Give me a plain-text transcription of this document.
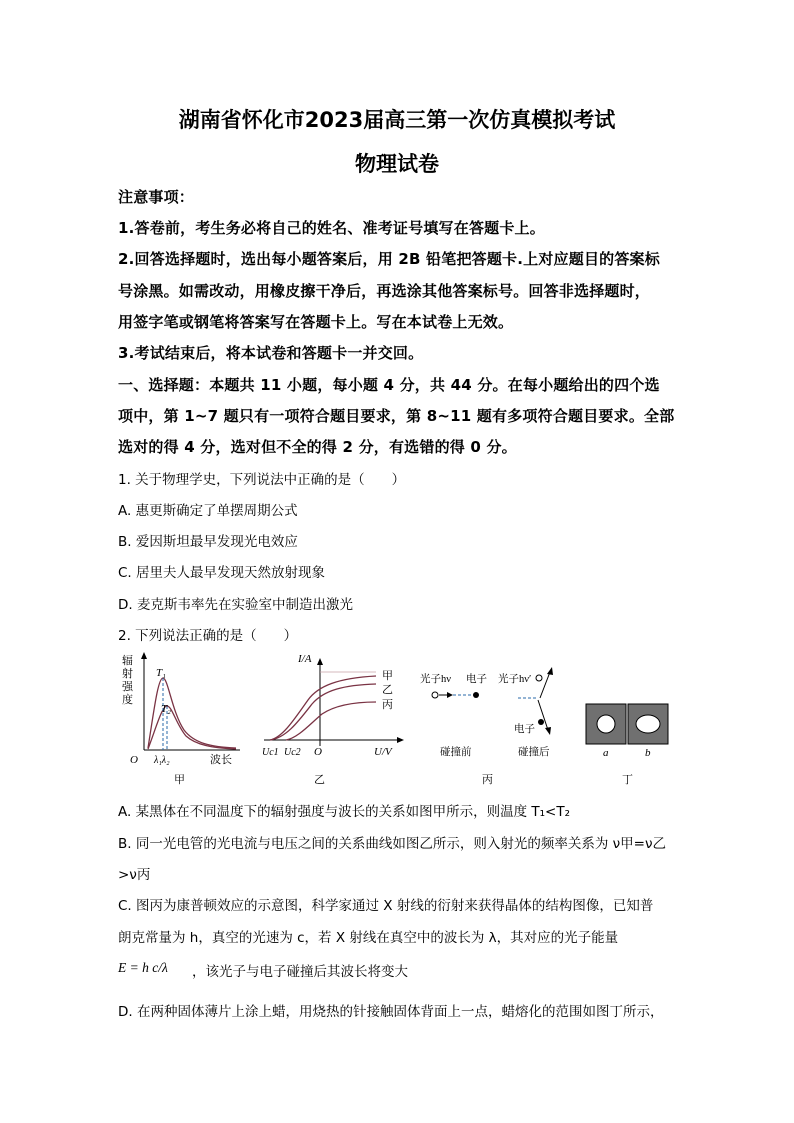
湖南省怀化市2023届高三第一次仿真模拟考试
物理试卷
注意事项：
1.答卷前，考生务必将自己的姓名、准考证号填写在答题卡上。
2.回答选择题时，选出每小题答案后，用 2B 铅笔把答题卡.上对应题目的答案标
号涂黑。如需改动，用橡皮擦干净后，再选涂其他答案标号。回答非选择题时，
用签字笔或钢笔将答案写在答题卡上。写在本试卷上无效。
3.考试结束后，将本试卷和答题卡一并交回。
一、选择题：本题共 11 小题，每小题 4 分，共 44 分。在每小题给出的四个选
项中，第 1~7 题只有一项符合题目要求，第 8~11 题有多项符合题目要求。全部
选对的得 4 分，选对但不全的得 2 分，有选错的得 0 分。
1. 关于物理学史，下列说法中正确的是（　　）
A. 惠更斯确定了单摆周期公式
B. 爱因斯坦最早发现光电效应
C. 居里夫人最早发现天然放射现象
D. 麦克斯韦率先在实验室中制造出激光
2. 下列说法正确的是（　　）
辐
射
强
度
T₁
T₂
O λ₁λ₂	波长
甲
I/A
甲
乙
丙
Uc1 Uc2 O	U/V
乙
光子hν 电子 光子hν′
电子
碰撞前	碰撞后
丙
a	b
丁
A. 某黑体在不同温度下的辐射强度与波长的关系如图甲所示，则温度 T₁<T₂
B. 同一光电管的光电流与电压之间的关系曲线如图乙所示，则入射光的频率关系为 ν甲=ν乙
>ν丙
C. 图丙为康普顿效应的示意图，科学家通过 X 射线的衍射来获得晶体的结构图像，已知普
朗克常量为 h，真空的光速为 c，若 X 射线在真空中的波长为 λ，其对应的光子能量
E = h c/λ ，该光子与电子碰撞后其波长将变大
D. 在两种固体薄片上涂上蜡，用烧热的针接触固体背面上一点，蜡熔化的范围如图丁所示，
